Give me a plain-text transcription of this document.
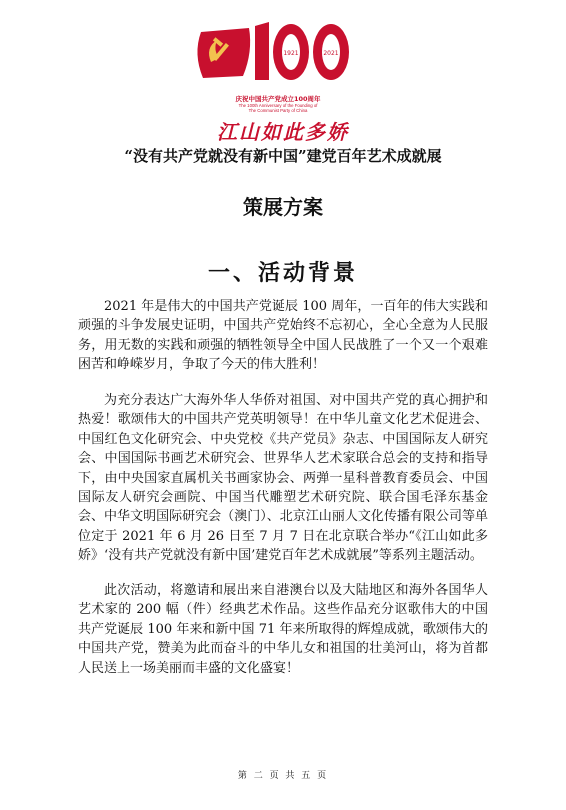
1921	2021
庆祝中国共产党成立100周年
The 100th Anniversary of the Founding of
The Communist Party of China
江山如此多娇
“没有共产党就没有新中国”建党百年艺术成就展
策展方案
一、活动背景

2021 年是伟大的中国共产党诞辰 100 周年，一百年的伟大实践和顽强的斗争发展史证明，中国共产党始终不忘初心，全心全意为人民服务，用无数的实践和顽强的牺牲领导全中国人民战胜了一个又一个艰难困苦和峥嵘岁月，争取了今天的伟大胜利！

为充分表达广大海外华人华侨对祖国、对中国共产党的真心拥护和热爱！歌颂伟大的中国共产党英明领导！在中华儿童文化艺术促进会、中国红色文化研究会、中央党校《共产党员》杂志、中国国际友人研究会、中国国际书画艺术研究会、世界华人艺术家联合总会的支持和指导下，由中央国家直属机关书画家协会、两弹一星科普教育委员会、中国国际友人研究会画院、中国当代雕塑艺术研究院、联合国毛泽东基金会、中华文明国际研究会（澳门）、北京江山丽人文化传播有限公司等单位定于 2021 年 6 月 26 日至 7 月 7 日在北京联合举办“《江山如此多娇》‘没有共产党就没有新中国’建党百年艺术成就展”等系列主题活动。

此次活动，将邀请和展出来自港澳台以及大陆地区和海外各国华人艺术家的 200 幅（件）经典艺术作品。这些作品充分讴歌伟大的中国共产党诞辰 100 年来和新中国 71 年来所取得的辉煌成就，歌颂伟大的中国共产党，赞美为此而奋斗的中华儿女和祖国的壮美河山，将为首都人民送上一场美丽而丰盛的文化盛宴！

第 二 页 共 五 页
